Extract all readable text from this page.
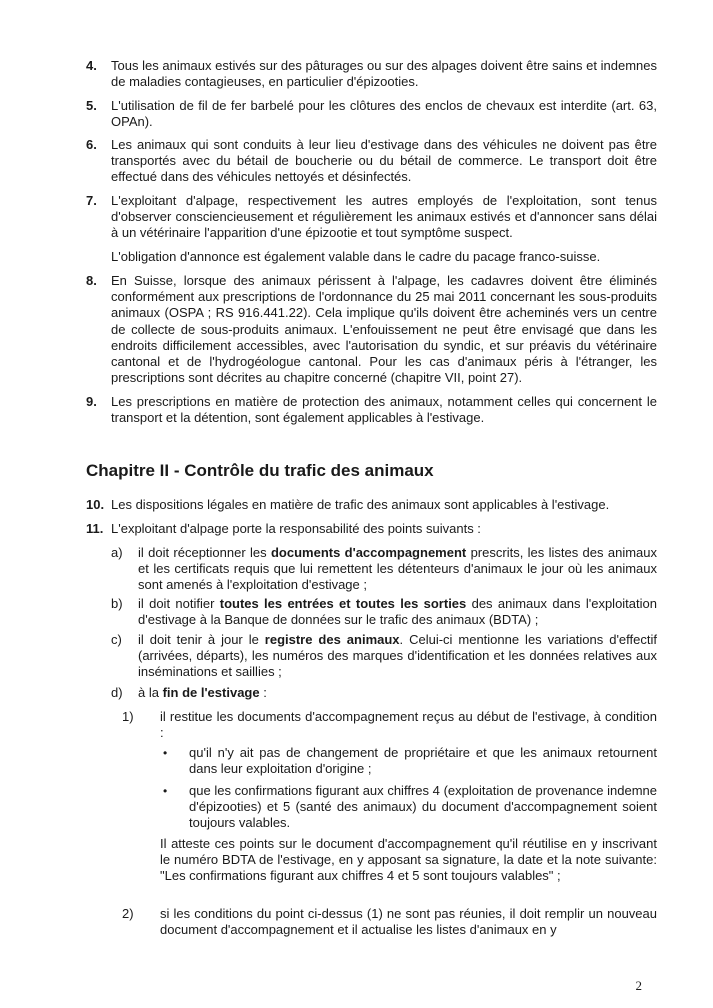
4. Tous les animaux estivés sur des pâturages ou sur des alpages doivent être sains et indemnes de maladies contagieuses, en particulier d'épizooties.
5. L'utilisation de fil de fer barbelé pour les clôtures des enclos de chevaux est interdite (art. 63, OPAn).
6. Les animaux qui sont conduits à leur lieu d'estivage dans des véhicules ne doivent pas être transportés avec du bétail de boucherie ou du bétail de commerce. Le transport doit être effectué dans des véhicules nettoyés et désinfectés.
7. L'exploitant d'alpage, respectivement les autres employés de l'exploitation, sont tenus d'observer consciencieusement et régulièrement les animaux estivés et d'annoncer sans délai à un vétérinaire l'apparition d'une épizootie et tout symptôme suspect.
L'obligation d'annonce est également valable dans le cadre du pacage franco-suisse.
8. En Suisse, lorsque des animaux périssent à l'alpage, les cadavres doivent être éliminés conformément aux prescriptions de l'ordonnance du 25 mai 2011 concernant les sous-produits animaux (OSPA ; RS 916.441.22). Cela implique qu'ils doivent être acheminés vers un centre de collecte de sous-produits animaux. L'enfouissement ne peut être envisagé que dans les endroits difficilement accessibles, avec l'autorisation du syndic, et sur préavis du vétérinaire cantonal et de l'hydrogéologue cantonal. Pour les cas d'animaux péris à l'étranger, les prescriptions sont décrites au chapitre concerné (chapitre VII, point 27).
9. Les prescriptions en matière de protection des animaux, notamment celles qui concernent le transport et la détention, sont également applicables à l'estivage.
Chapitre II - Contrôle du trafic des animaux
10. Les dispositions légales en matière de trafic des animaux sont applicables à l'estivage.
11. L'exploitant d'alpage porte la responsabilité des points suivants :
a) il doit réceptionner les documents d'accompagnement prescrits, les listes des animaux et les certificats requis que lui remettent les détenteurs d'animaux le jour où les animaux sont amenés à l'exploitation d'estivage ;
b) il doit notifier toutes les entrées et toutes les sorties des animaux dans l'exploitation d'estivage à la Banque de données sur le trafic des animaux (BDTA) ;
c) il doit tenir à jour le registre des animaux. Celui-ci mentionne les variations d'effectif (arrivées, départs), les numéros des marques d'identification et les données relatives aux inséminations et saillies ;
d) à la fin de l'estivage :
1) il restitue les documents d'accompagnement reçus au début de l'estivage, à condition :
• qu'il n'y ait pas de changement de propriétaire et que les animaux retournent dans leur exploitation d'origine ;
• que les confirmations figurant aux chiffres 4 (exploitation de provenance indemne d'épizooties) et 5 (santé des animaux) du document d'accompagnement soient toujours valables.
Il atteste ces points sur le document d'accompagnement qu'il réutilise en y inscrivant le numéro BDTA de l'estivage, en y apposant sa signature, la date et la note suivante: "Les confirmations figurant aux chiffres 4 et 5 sont toujours valables" ;
2) si les conditions du point ci-dessus (1) ne sont pas réunies, il doit remplir un nouveau document d'accompagnement et il actualise les listes d'animaux en y
2
